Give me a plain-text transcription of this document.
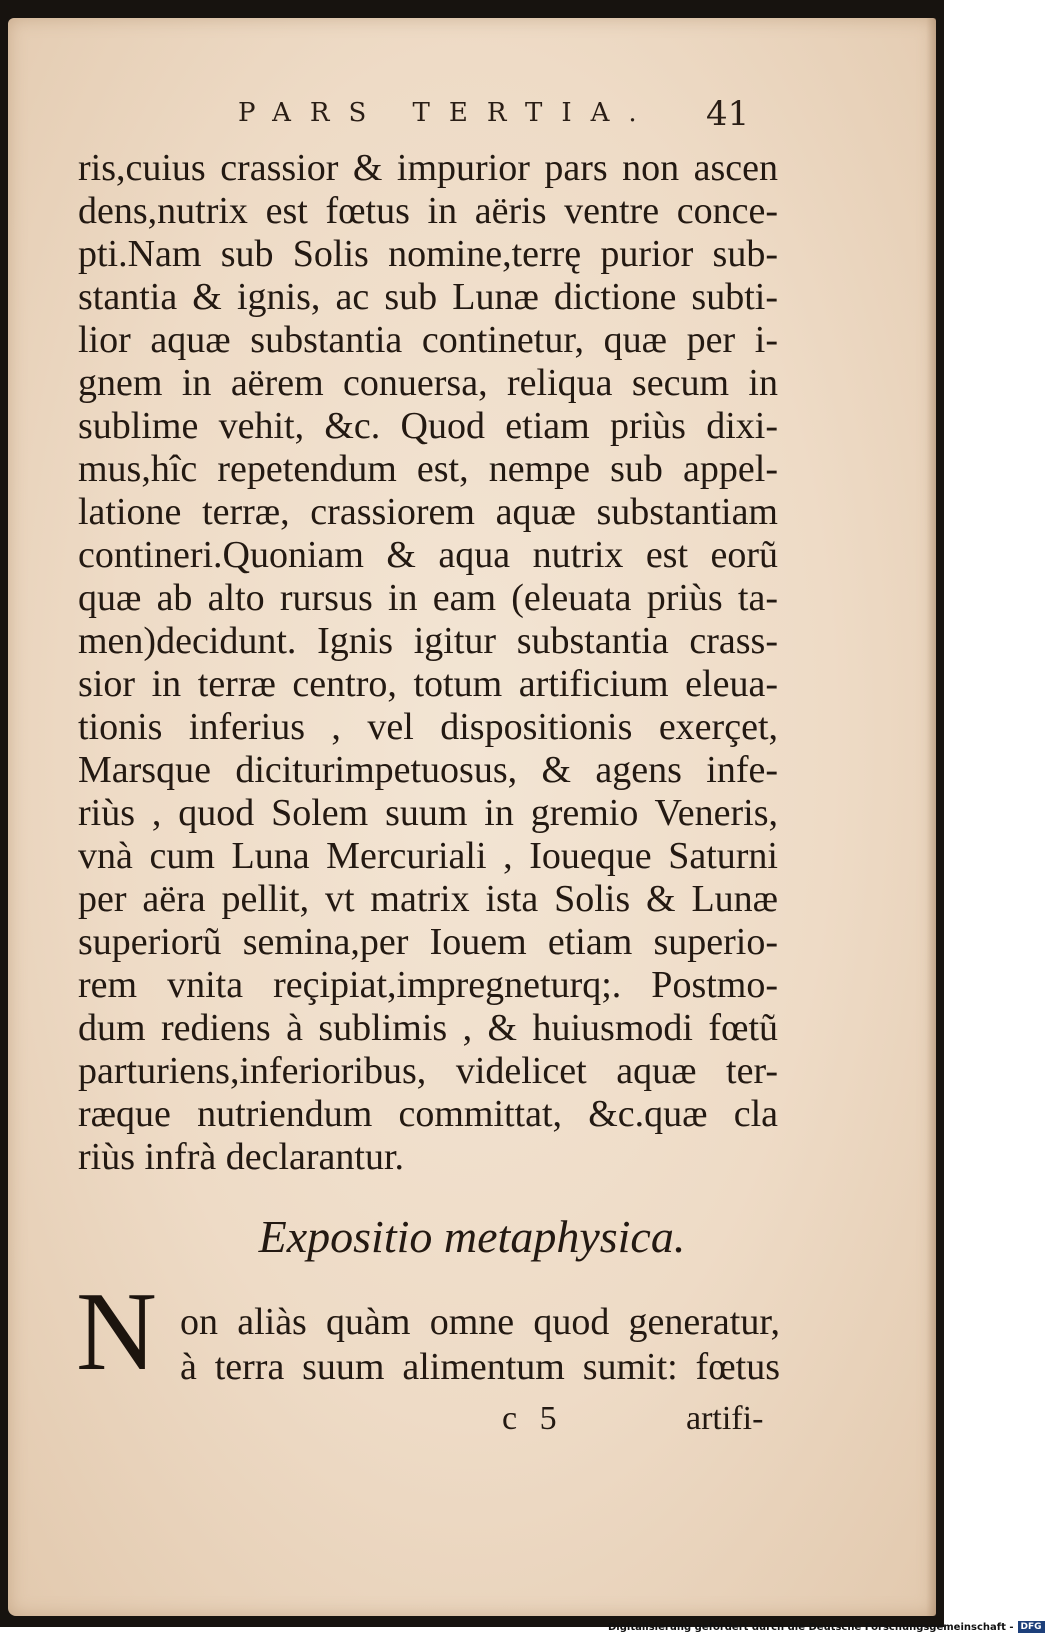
PARS TERTIA. 41
ris,cuius crassior & impurior pars non ascen
dens,nutrix est fœtus in aëris ventre conce-
pti.Nam sub Solis nomine,terrę purior sub-
stantia & ignis, ac sub Lunæ dictione subti-
lior aquæ substantia continetur, quæ per i-
gnem in aërem conuersa, reliqua secum in
sublime vehit, &c. Quod etiam priùs dixi-
mus,hîc repetendum est, nempe sub appel-
latione terræ, crassiorem aquæ substantiam
contineri.Quoniam & aqua nutrix est eorũ
quæ ab alto rursus in eam (eleuata priùs ta-
men)decidunt. Ignis igitur substantia crass-
sior in terræ centro, totum artificium eleua-
tionis inferius , vel dispositionis exerçet,
Marsque diciturimpetuosus, & agens infe-
riùs , quod Solem suum in gremio Veneris,
vnà cum Luna Mercuriali , Ioueque Saturni
per aëra pellit, vt matrix ista Solis & Lunæ
superiorũ semina,per Iouem etiam superio-
rem vnita reçipiat,impregneturq;. Postmo-
dum rediens à sublimis , & huiusmodi fœtũ
parturiens,inferioribus, videlicet aquæ ter-
ræque nutriendum committat, &c.quæ cla
riùs infrà declarantur.
Expositio metaphysica.
N on aliàs quàm omne quod generatur,
à terra suum alimentum sumit: fœtus
c 5	artifi-
Digitalisierung gefördert durch die Deutsche Forschungsgemeinschaft - DFG
